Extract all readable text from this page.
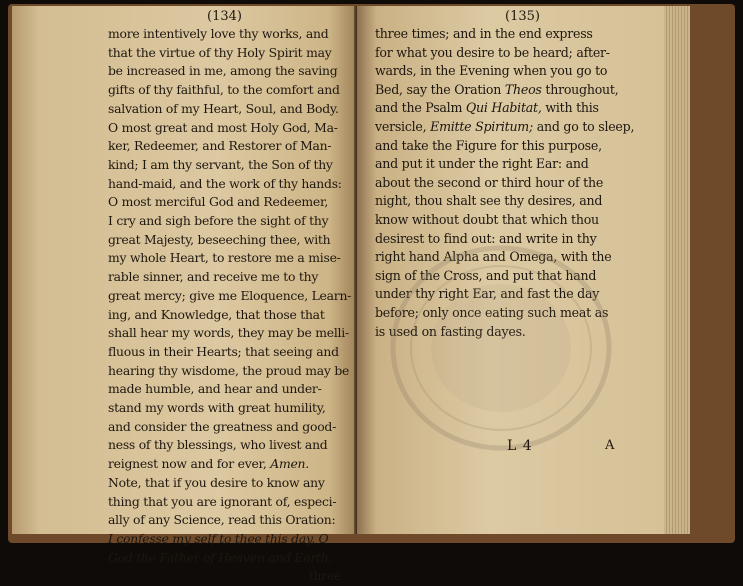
(134)
more intentively love thy works, and
that the virtue of thy Holy Spirit may
be increased in me, among the saving
gifts of thy faithful, to the comfort and
salvation of my Heart, Soul, and Body.
O most great and most Holy God, Ma-
ker, Redeemer, and Restorer of Man-
kind; I am thy servant, the Son of thy
hand-maid, and the work of thy hands:
O most merciful God and Redeemer,
I cry and sigh before the sight of thy
great Majesty, beseeching thee, with
my whole Heart, to restore me a mise-
rable sinner, and receive me to thy
great mercy; give me Eloquence, Learn-
ing, and Knowledge, that those that
shall hear my words, they may be melli-
fluous in their Hearts; that seeing and
hearing thy wisdome, the proud may be
made humble, and hear and under-
stand my words with great humility,
and consider the greatness and good-
ness of thy blessings, who livest and
reignest now and for ever, Amen.
Note, that if you desire to know any
thing that you are ignorant of, especi-
ally of any Science, read this Oration:
I confesse my self to thee this day, O
God the Father of Heaven and Earth,
three
(135)
three times; and in the end express
for what you desire to be heard; after-
wards, in the Evening when you go to
Bed, say the Oration Theos throughout,
and the Psalm Qui Habitat, with this
versicle, Emitte Spiritum; and go to sleep,
and take the Figure for this purpose,
and put it under the right Ear: and
about the second or third hour of the
night, thou shalt see thy desires, and
know without doubt that which thou
desirest to find out: and write in thy
right hand Alpha and Omega, with the
sign of the Cross, and put that hand
under thy right Ear, and fast the day
before; only once eating such meat as
is used on fasting dayes.
L 4	A
